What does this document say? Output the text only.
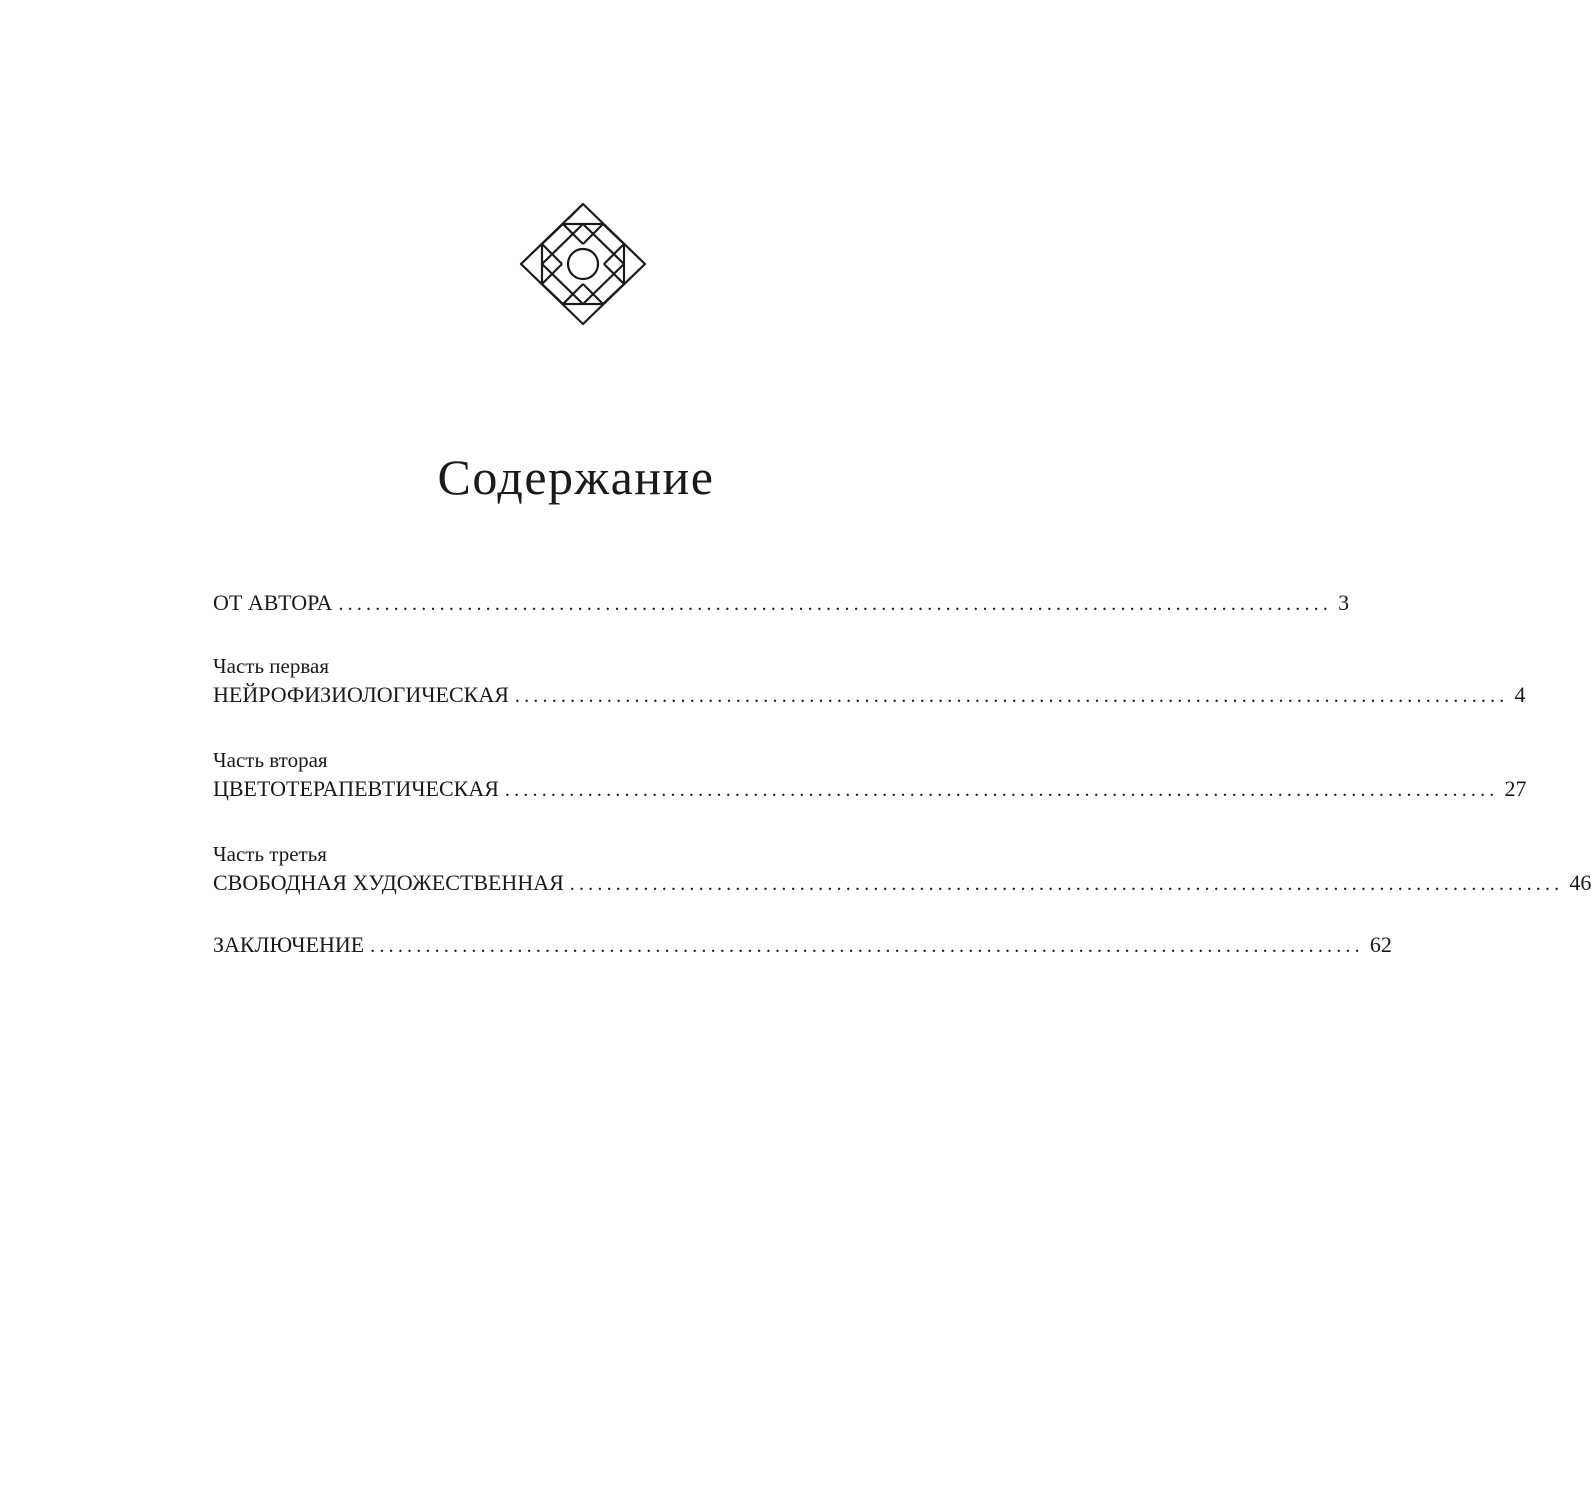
Содержание
ОТ АВТОРА ............................................................................................................ 3
Часть первая
НЕЙРОФИЗИОЛОГИЧЕСКАЯ ............................................................................................................ 4
Часть вторая
ЦВЕТОТЕРАПЕВТИЧЕСКАЯ ............................................................................................................ 27
Часть третья
СВОБОДНАЯ ХУДОЖЕСТВЕННАЯ ............................................................................................................ 46
ЗАКЛЮЧЕНИЕ ............................................................................................................ 62
